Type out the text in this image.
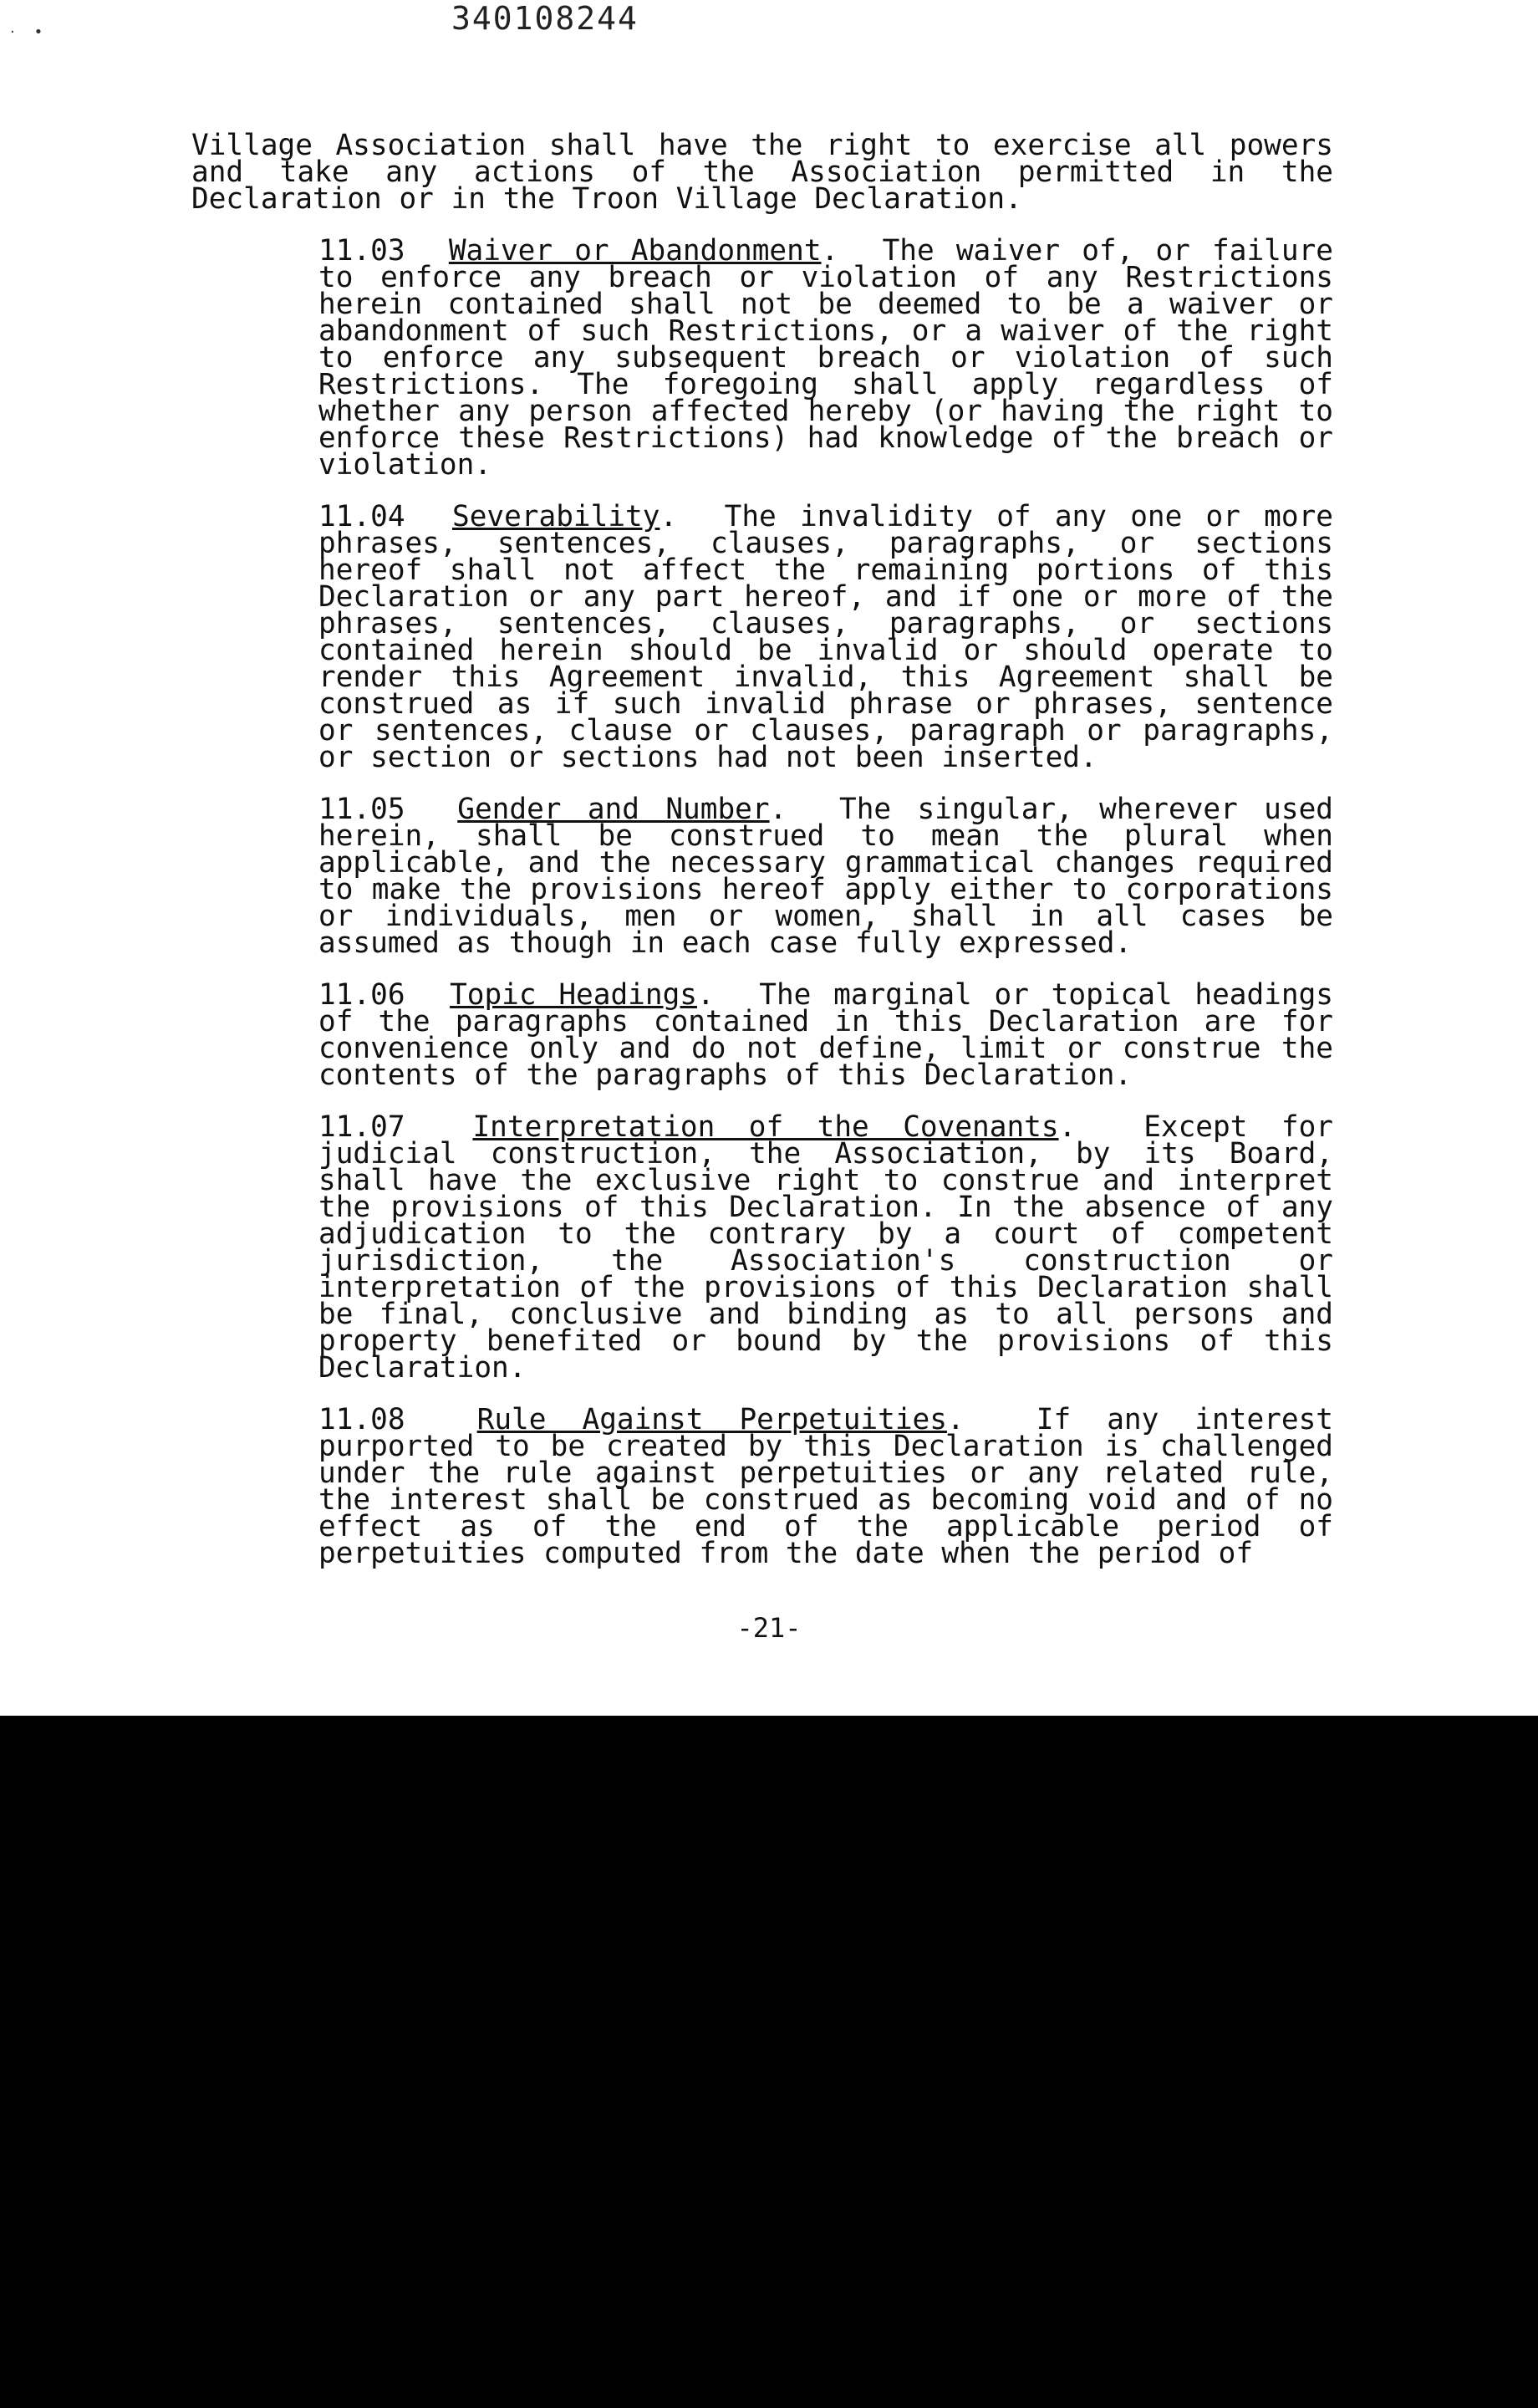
·    •	340108244

Village Association shall have the right to exercise all powers and take any actions of the Association permitted in the Declaration or in the Troon Village Declaration.

11.03 Waiver or Abandonment.  The waiver of, or failure to enforce any breach or violation of any Restrictions herein contained shall not be deemed to be a waiver or abandonment of such Restrictions, or a waiver of the right to enforce any subsequent breach or violation of such Restrictions. The foregoing shall apply regardless of whether any person affected hereby (or having the right to enforce these Restrictions) had knowledge of the breach or violation.

11.04 Severability.  The invalidity of any one or more phrases, sentences, clauses, paragraphs, or sections hereof shall not affect the remaining portions of this Declaration or any part hereof, and if one or more of the phrases, sentences, clauses, paragraphs, or sections contained herein should be invalid or should operate to render this Agreement invalid, this Agreement shall be construed as if such invalid phrase or phrases, sentence or sentences, clause or clauses, paragraph or paragraphs, or section or sections had not been inserted.

11.05 Gender and Number.  The singular, wherever used herein, shall be construed to mean the plural when applicable, and the necessary grammatical changes required to make the provisions hereof apply either to corporations or individuals, men or women, shall in all cases be assumed as though in each case fully expressed.

11.06 Topic Headings.  The marginal or topical headings of the paragraphs contained in this Declaration are for convenience only and do not define, limit or construe the contents of the paragraphs of this Declaration.

11.07 Interpretation of the Covenants.  Except for judicial construction, the Association, by its Board, shall have the exclusive right to construe and interpret the provisions of this Declaration. In the absence of any adjudication to the contrary by a court of competent jurisdiction, the Association's construction or interpretation of the provisions of this Declaration shall be final, conclusive and binding as to all persons and property benefited or bound by the provisions of this Declaration.

11.08	Rule Against Perpetuities.  If any interest purported to be created by this Declaration is challenged under the rule against perpetuities or any related rule, the interest shall be construed as becoming void and of no effect as of the end of the applicable period of perpetuities computed from the date when the period of

-21-
